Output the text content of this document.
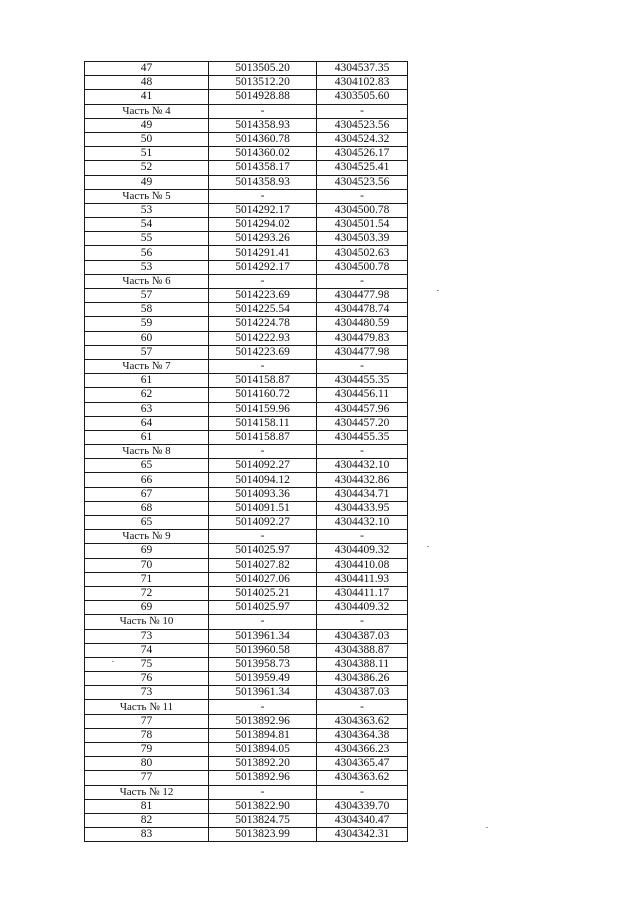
47	5013505.20	4304537.35
48	5013512.20	4304102.83
41	5014928.88	4303505.60
Часть № 4	-	-
49	5014358.93	4304523.56
50	5014360.78	4304524.32
51	5014360.02	4304526.17
52	5014358.17	4304525.41
49	5014358.93	4304523.56
Часть № 5	-	-
53	5014292.17	4304500.78
54	5014294.02	4304501.54
55	5014293.26	4304503.39
56	5014291.41	4304502.63
53	5014292.17	4304500.78
Часть № 6	-	-
57	5014223.69	4304477.98
58	5014225.54	4304478.74
59	5014224.78	4304480.59
60	5014222.93	4304479.83
57	5014223.69	4304477.98
Часть № 7	-	-
61	5014158.87	4304455.35
62	5014160.72	4304456.11
63	5014159.96	4304457.96
64	5014158.11	4304457.20
61	5014158.87	4304455.35
Часть № 8	-	-
65	5014092.27	4304432.10
66	5014094.12	4304432.86
67	5014093.36	4304434.71
68	5014091.51	4304433.95
65	5014092.27	4304432.10
Часть № 9	-	-
69	5014025.97	4304409.32
70	5014027.82	4304410.08
71	5014027.06	4304411.93
72	5014025.21	4304411.17
69	5014025.97	4304409.32
Часть № 10	-	-
73	5013961.34	4304387.03
74	5013960.58	4304388.87
75	5013958.73	4304388.11
76	5013959.49	4304386.26
73	5013961.34	4304387.03
Часть № 11	-	-
77	5013892.96	4304363.62
78	5013894.81	4304364.38
79	5013894.05	4304366.23
80	5013892.20	4304365.47
77	5013892.96	4304363.62
Часть № 12	-	-
81	5013822.90	4304339.70
82	5013824.75	4304340.47
83	5013823.99	4304342.31
